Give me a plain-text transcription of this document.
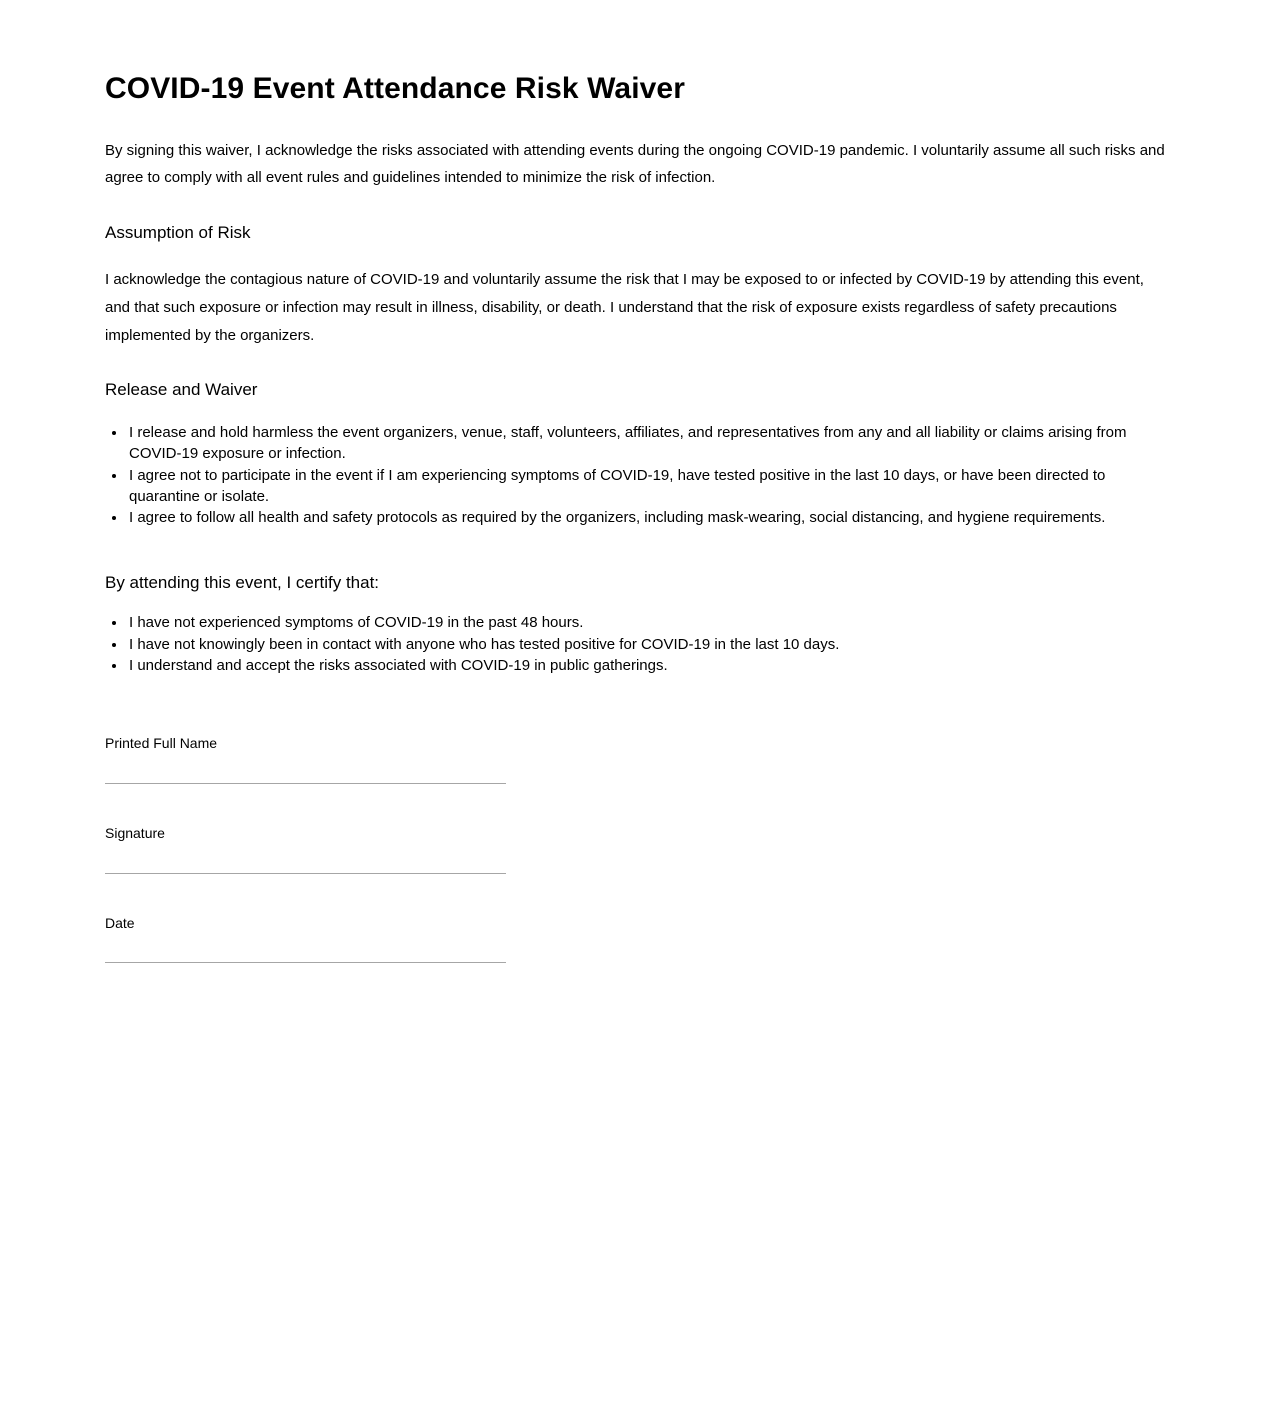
COVID-19 Event Attendance Risk Waiver

By signing this waiver, I acknowledge the risks associated with attending events during the ongoing COVID-19 pandemic. I voluntarily assume all such risks and agree to comply with all event rules and guidelines intended to minimize the risk of infection.

Assumption of Risk

I acknowledge the contagious nature of COVID-19 and voluntarily assume the risk that I may be exposed to or infected by COVID-19 by attending this event, and that such exposure or infection may result in illness, disability, or death. I understand that the risk of exposure exists regardless of safety precautions implemented by the organizers.

Release and Waiver
• I release and hold harmless the event organizers, venue, staff, volunteers, affiliates, and representatives from any and all liability or claims arising from COVID-19 exposure or infection.
• I agree not to participate in the event if I am experiencing symptoms of COVID-19, have tested positive in the last 10 days, or have been directed to quarantine or isolate.
• I agree to follow all health and safety protocols as required by the organizers, including mask-wearing, social distancing, and hygiene requirements.
By attending this event, I certify that:
• I have not experienced symptoms of COVID-19 in the past 48 hours.
• I have not knowingly been in contact with anyone who has tested positive for COVID-19 in the last 10 days.
• I understand and accept the risks associated with COVID-19 in public gatherings.
Printed Full Name
Signature
Date
